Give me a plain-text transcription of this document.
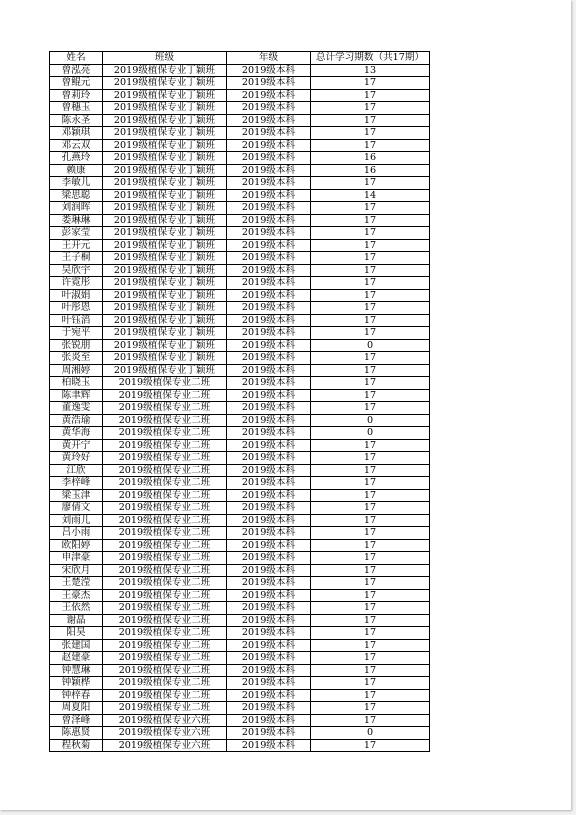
姓名	班级	年级	总计学习期数（共17期）
曾泓亮	2019级植保专业丁颖班	2019级本科	13
曾鲲元	2019级植保专业丁颖班	2019级本科	17
曾莉玲	2019级植保专业丁颖班	2019级本科	17
曾穗玉	2019级植保专业丁颖班	2019级本科	17
陈永圣	2019级植保专业丁颖班	2019级本科	17
邓颖琪	2019级植保专业丁颖班	2019级本科	17
邓云双	2019级植保专业丁颖班	2019级本科	17
孔燕玲	2019级植保专业丁颖班	2019级本科	16
赖康	2019级植保专业丁颖班	2019级本科	16
李敏儿	2019级植保专业丁颖班	2019级本科	17
梁思聪	2019级植保专业丁颖班	2019级本科	14
刘润晖	2019级植保专业丁颖班	2019级本科	17
娄琳琳	2019级植保专业丁颖班	2019级本科	17
彭家莹	2019级植保专业丁颖班	2019级本科	17
王开元	2019级植保专业丁颖班	2019级本科	17
王子桐	2019级植保专业丁颖班	2019级本科	17
吴欣宇	2019级植保专业丁颖班	2019级本科	17
许霓彤	2019级植保专业丁颖班	2019级本科	17
叶淑娟	2019级植保专业丁颖班	2019级本科	17
叶彤恩	2019级植保专业丁颖班	2019级本科	17
叶钰滔	2019级植保专业丁颖班	2019级本科	17
于宛平	2019级植保专业丁颖班	2019级本科	17
张锐朋	2019级植保专业丁颖班	2019级本科	0
张炎至	2019级植保专业丁颖班	2019级本科	17
周湘婷	2019级植保专业丁颖班	2019级本科	17
柏晓玉	2019级植保专业二班	2019级本科	17
陈聿辉	2019级植保专业二班	2019级本科	17
董逸雯	2019级植保专业二班	2019级本科	17
黄浩瑜	2019级植保专业二班	2019级本科	0
黄华海	2019级植保专业二班	2019级本科	0
黄开宁	2019级植保专业二班	2019级本科	17
黄玲好	2019级植保专业二班	2019级本科	17
江欣	2019级植保专业二班	2019级本科	17
李梓峰	2019级植保专业二班	2019级本科	17
梁玉津	2019级植保专业二班	2019级本科	17
廖倩文	2019级植保专业二班	2019级本科	17
刘雨儿	2019级植保专业二班	2019级本科	17
吕小雨	2019级植保专业二班	2019级本科	17
欧阳婷	2019级植保专业二班	2019级本科	17
申津豪	2019级植保专业二班	2019级本科	17
宋欣月	2019级植保专业二班	2019级本科	17
王楚滢	2019级植保专业二班	2019级本科	17
王豪杰	2019级植保专业二班	2019级本科	17
王依然	2019级植保专业二班	2019级本科	17
谢晶	2019级植保专业二班	2019级本科	17
阳昊	2019级植保专业二班	2019级本科	17
张建国	2019级植保专业二班	2019级本科	17
赵建豪	2019级植保专业二班	2019级本科	17
钟慧琳	2019级植保专业二班	2019级本科	17
钟颖桦	2019级植保专业二班	2019级本科	17
钟梓春	2019级植保专业二班	2019级本科	17
周夏阳	2019级植保专业二班	2019级本科	17
曾泽峰	2019级植保专业六班	2019级本科	17
陈惠贤	2019级植保专业六班	2019级本科	0
程秋菊	2019级植保专业六班	2019级本科	17
